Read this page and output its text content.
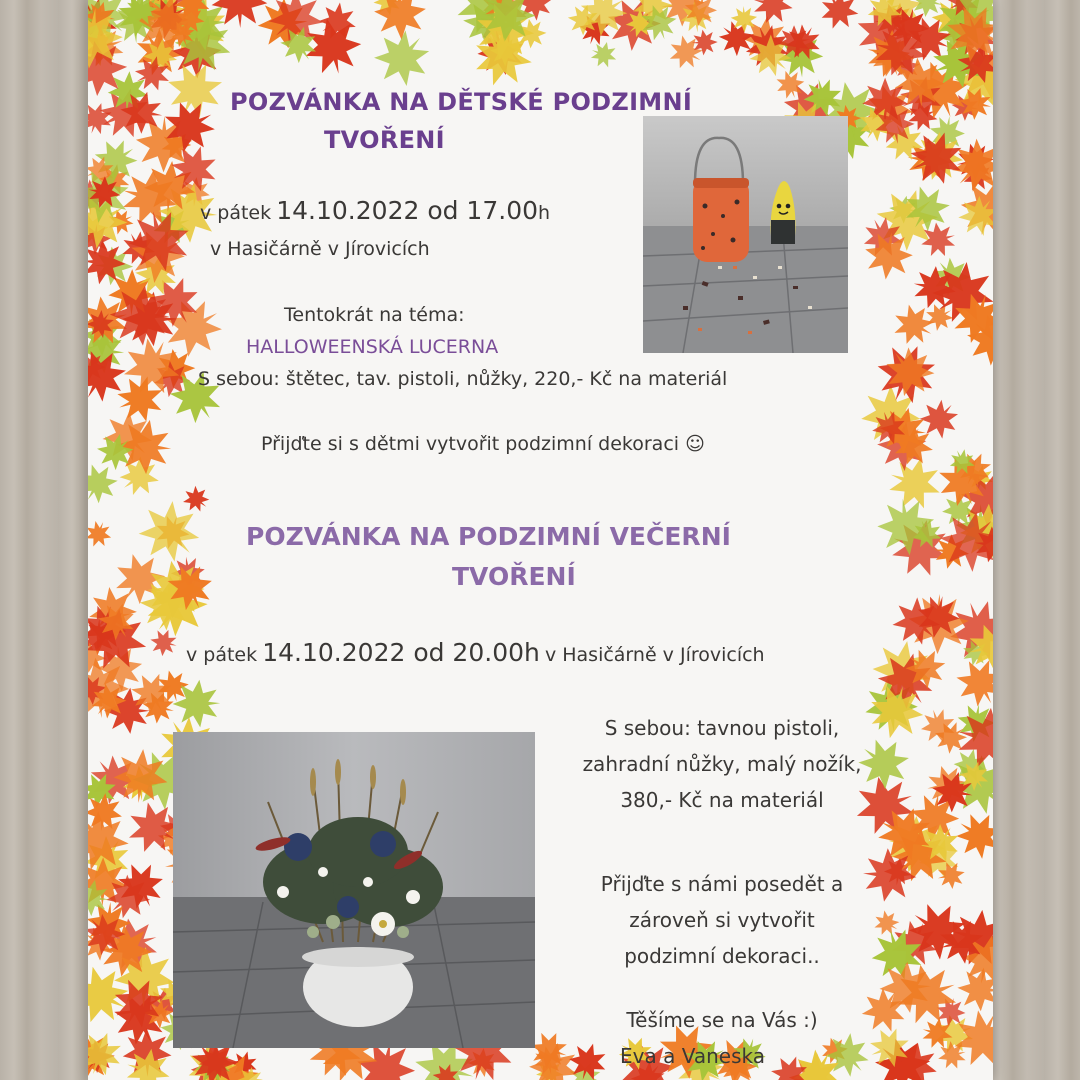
POZVÁNKA NA DĚTSKÉ PODZIMNÍ
TVOŘENÍ
v pátek 14.10.2022 od 17.00h
v Hasičárně v Jírovicích
Tentokrát na téma:
HALLOWEENSKÁ LUCERNA
S sebou: štětec, tav. pistoli, nůžky, 220,- Kč na materiál
Přijďte si s dětmi vytvořit podzimní dekoraci ☺
POZVÁNKA NA PODZIMNÍ VEČERNÍ
TVOŘENÍ
v pátek 14.10.2022 od 20.00h v Hasičárně v Jírovicích
S sebou: tavnou pistoli,
zahradní nůžky, malý nožík,
380,- Kč na materiál
Přijďte s námi posedět a
zároveň si vytvořit
podzimní dekoraci..
Těšíme se na Vás :)
Eva a Vaneska
